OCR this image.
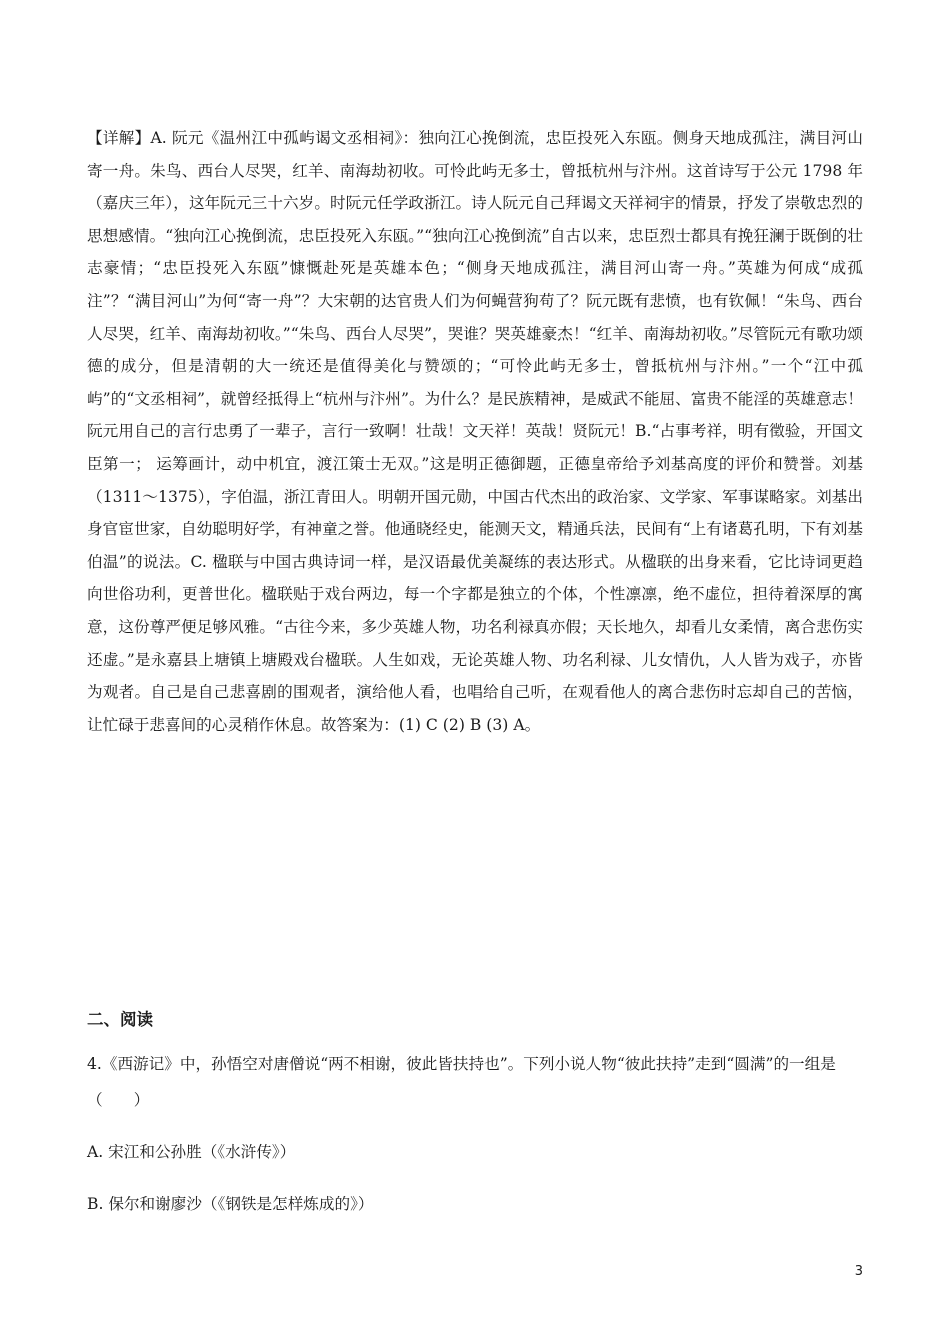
【详解】A. 阮元《温州江中孤屿谒文丞相祠》：独向江心挽倒流，忠臣投死入东瓯。侧身天地成孤注，满目河山寄一舟。朱鸟、西台人尽哭，红羊、南海劫初收。可怜此屿无多士，曾抵杭州与汴州。这首诗写于公元 1798 年（嘉庆三年），这年阮元三十六岁。时阮元任学政浙江。诗人阮元自己拜谒文天祥祠宇的情景，抒发了崇敬忠烈的思想感情。“独向江心挽倒流，忠臣投死入东瓯。”“独向江心挽倒流”自古以来，忠臣烈士都具有挽狂澜于既倒的壮志豪情；“忠臣投死入东瓯”慷慨赴死是英雄本色；“侧身天地成孤注，满目河山寄一舟。”英雄为何成“成孤注”？“满目河山”为何“寄一舟”？大宋朝的达官贵人们为何蝇营狗苟了？阮元既有悲愤，也有钦佩！“朱鸟、西台人尽哭，红羊、南海劫初收。”“朱鸟、西台人尽哭”，哭谁？哭英雄豪杰！“红羊、南海劫初收。”尽管阮元有歌功颂德的成分，但是清朝的大一统还是值得美化与赞颂的；“可怜此屿无多士，曾抵杭州与汴州。”一个“江中孤屿”的“文丞相祠”，就曾经抵得上“杭州与汴州”。为什么？是民族精神，是威武不能屈、富贵不能淫的英雄意志！阮元用自己的言行忠勇了一辈子，言行一致啊！壮哉！文天祥！英哉！贤阮元！B.“占事考祥，明有徵验，开国文臣第一； 运筹画计，动中机宜，渡江策士无双。”这是明正德御题，正德皇帝给予刘基高度的评价和赞誉。刘基（1311～1375），字伯温，浙江青田人。明朝开国元勋，中国古代杰出的政治家、文学家、军事谋略家。刘基出身官宦世家，自幼聪明好学，有神童之誉。他通晓经史，能测天文，精通兵法，民间有“上有诸葛孔明，下有刘基伯温”的说法。C. 楹联与中国古典诗词一样，是汉语最优美凝练的表达形式。从楹联的出身来看，它比诗词更趋向世俗功利，更普世化。楹联贴于戏台两边，每一个字都是独立的个体，个性凛凛，绝不虚位，担待着深厚的寓意，这份尊严便足够风雅。“古往今来，多少英雄人物，功名利禄真亦假；天长地久，却看儿女柔情，离合悲伤实还虚。”是永嘉县上塘镇上塘殿戏台楹联。人生如戏，无论英雄人物、功名利禄、儿女情仇，人人皆为戏子，亦皆为观者。自己是自己悲喜剧的围观者，演给他人看，也唱给自己听，在观看他人的离合悲伤时忘却自己的苦恼，让忙碌于悲喜间的心灵稍作休息。故答案为：(1) C (2) B (3) A。

二、阅读

4.《西游记》中，孙悟空对唐僧说“两不相谢，彼此皆扶持也”。下列小说人物“彼此扶持”走到“圆满”的一组是（　　）

A. 宋江和公孙胜（《水浒传》）

B. 保尔和谢廖沙（《钢铁是怎样炼成的》）

3
